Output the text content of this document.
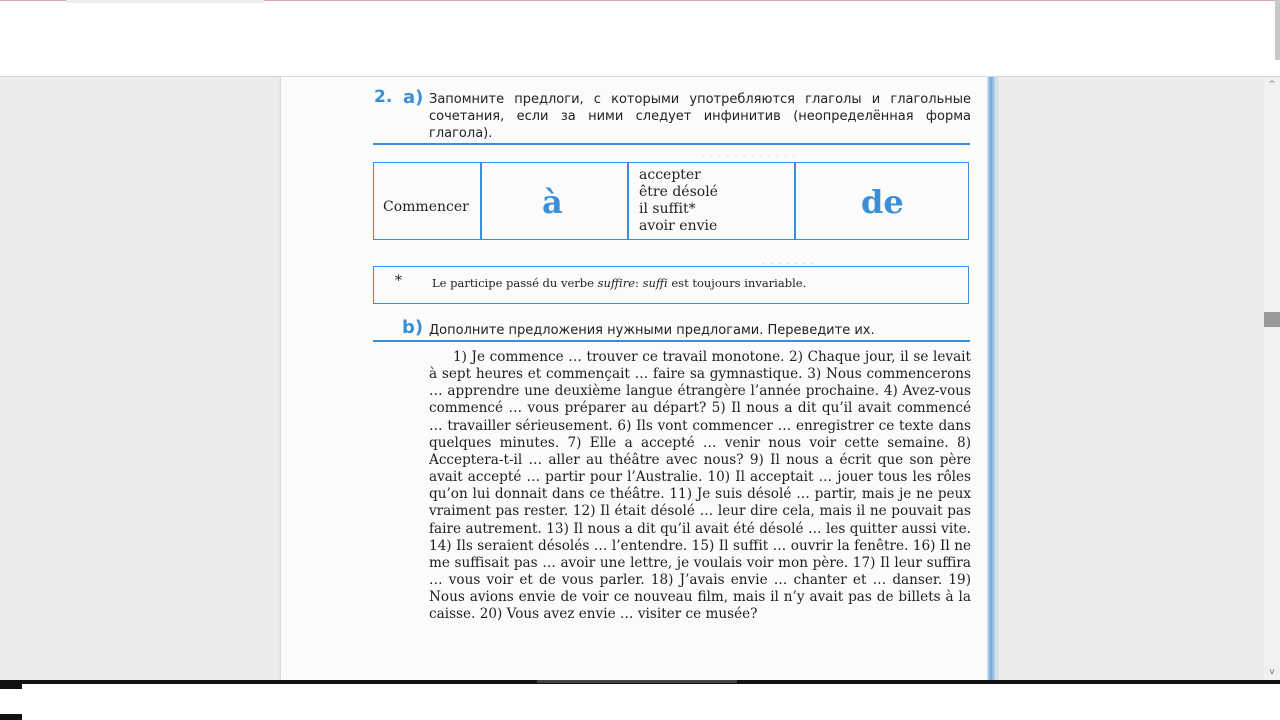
· · · · · · · · · · · ·
· · · · · · ·
2. a) Запомните предлоги, с которыми употребляются глаголы и глагольные сочетания, если за ними следует инфинитив (неопределённая форма глагола).
Commencer à
accepter
être désolé
il suffit*
avoir envie
de
*	Le participe passé du verbe suffire: suffi est toujours invariable.
b) Дополните предложения нужными предлогами. Переведите их.

1) Je commence … trouver ce travail monotone. 2) Chaque jour, il se levait à sept heures et commençait … faire sa gymnastique. 3) Nous commencerons … apprendre une deuxième langue étrangère l’année prochaine. 4) Avez-vous commencé … vous préparer au départ? 5) Il nous a dit qu’il avait commencé … travailler sérieusement. 6) Ils vont commencer … enregistrer ce texte dans quelques minutes. 7) Elle a accepté … venir nous voir cette semaine. 8) Acceptera-t-il … aller au théâtre avec nous? 9) Il nous a écrit que son père avait accepté … partir pour l’Australie. 10) Il acceptait … jouer tous les rôles qu’on lui donnait dans ce théâtre. 11) Je suis désolé … partir, mais je ne peux vraiment pas rester. 12) Il était désolé … leur dire cela, mais il ne pouvait pas faire autrement. 13) Il nous a dit qu’il avait été désolé … les quitter aussi vite. 14) Ils seraient désolés … l’entendre. 15) Il suffit … ouvrir la fenêtre. 16) Il ne me suffisait pas … avoir une lettre, je voulais voir mon père. 17) Il leur suffira … vous voir et de vous parler. 18) J’avais envie … chanter et … danser. 19) Nous avions envie de voir ce nouveau film, mais il n’y avait pas de billets à la caisse. 20) Vous avez envie … visiter ce musée?

^
v
